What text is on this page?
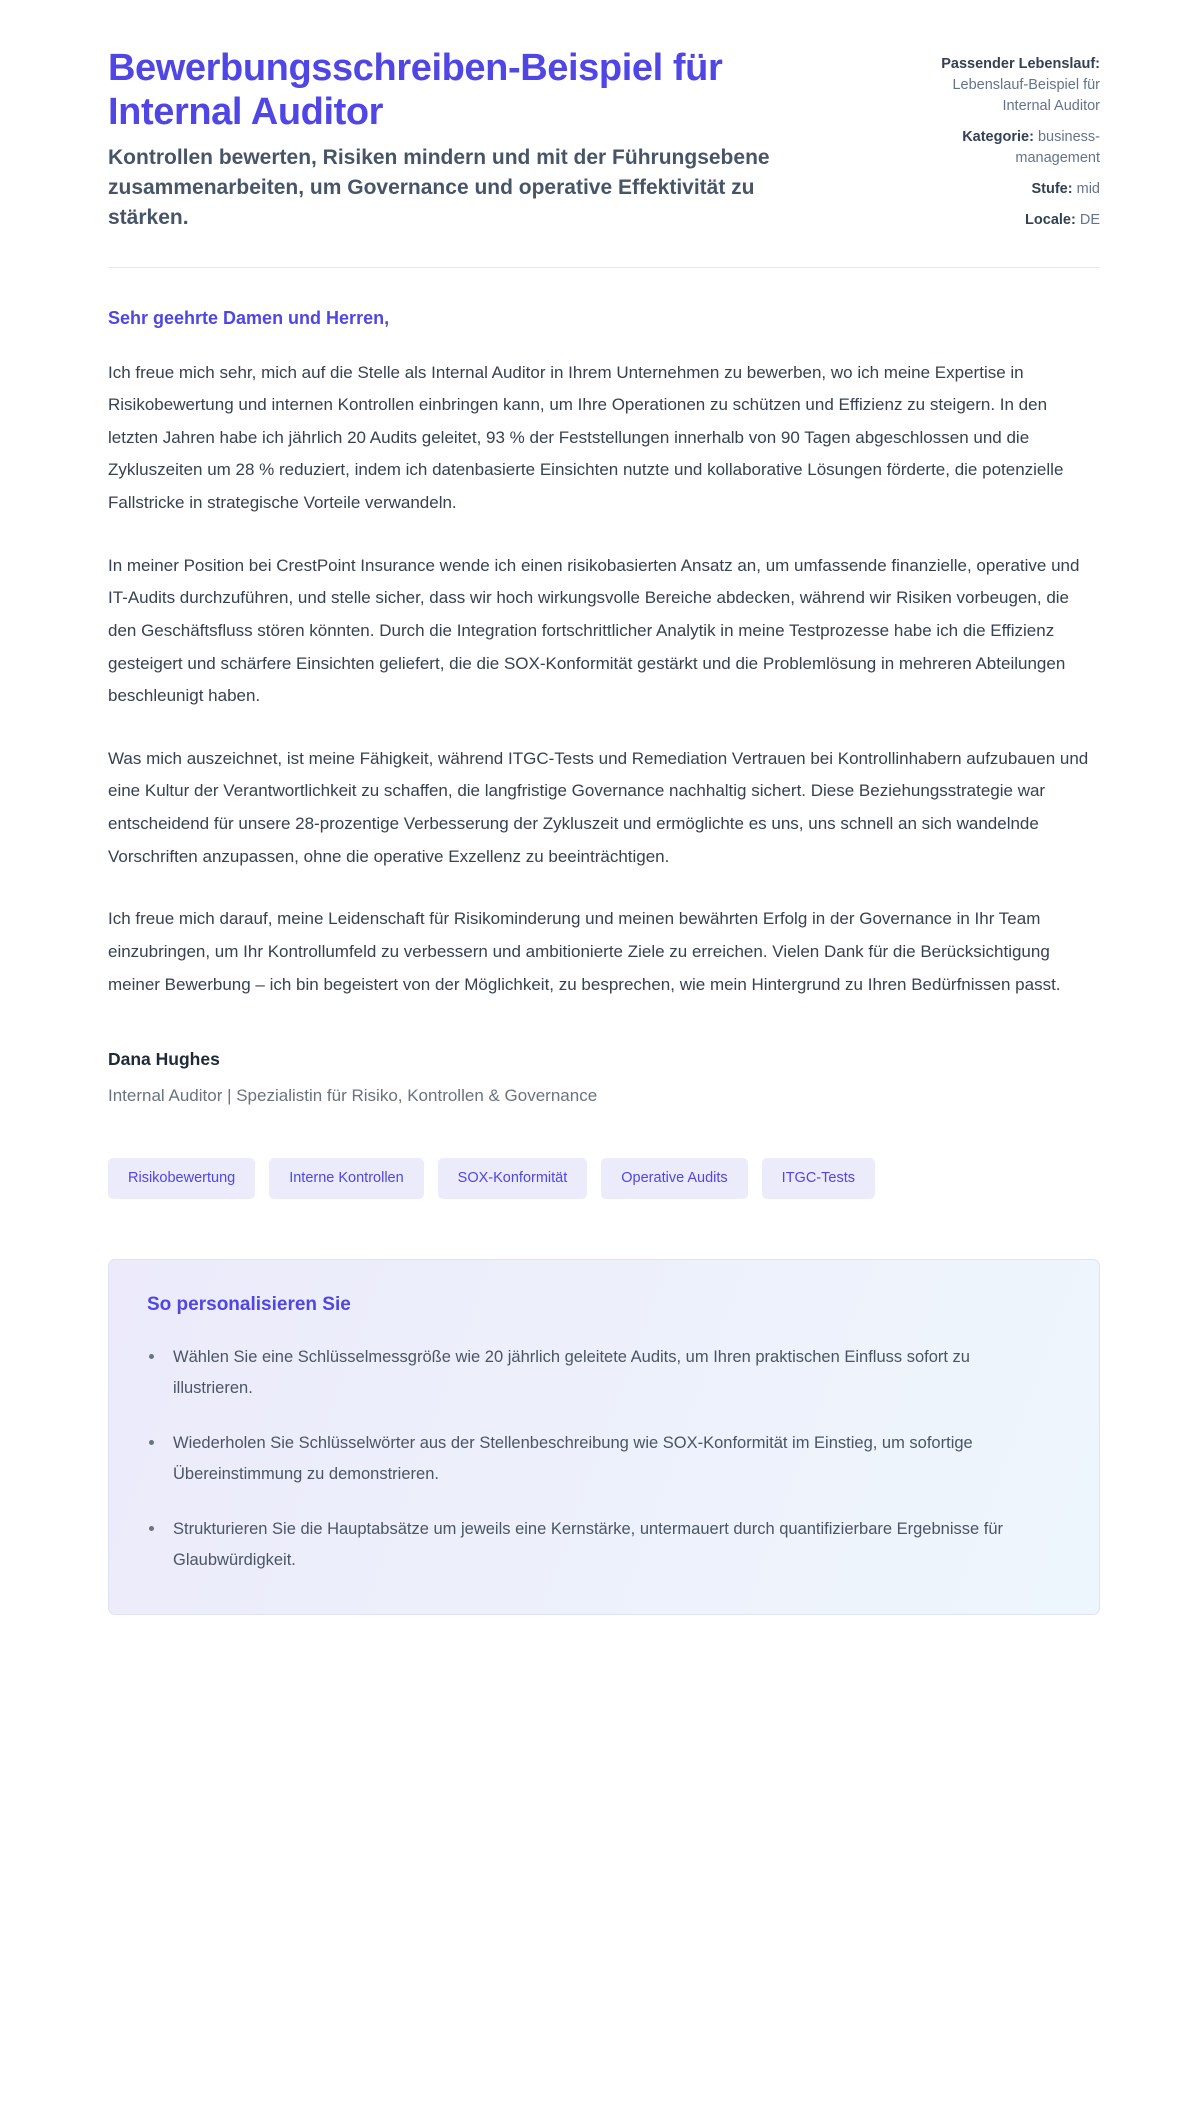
Bewerbungsschreiben-Beispiel für Internal Auditor

Kontrollen bewerten, Risiken mindern und mit der Führungsebene zusammenarbeiten, um Governance und operative Effektivität zu stärken.

Passender Lebenslauf:
Lebenslauf-Beispiel für Internal Auditor
Kategorie: business-management
Stufe: mid
Locale: DE

Sehr geehrte Damen und Herren,

Ich freue mich sehr, mich auf die Stelle als Internal Auditor in Ihrem Unternehmen zu bewerben, wo ich meine Expertise in Risikobewertung und internen Kontrollen einbringen kann, um Ihre Operationen zu schützen und Effizienz zu steigern. In den letzten Jahren habe ich jährlich 20 Audits geleitet, 93 % der Feststellungen innerhalb von 90 Tagen abgeschlossen und die Zykluszeiten um 28 % reduziert, indem ich datenbasierte Einsichten nutzte und kollaborative Lösungen förderte, die potenzielle Fallstricke in strategische Vorteile verwandeln.

In meiner Position bei CrestPoint Insurance wende ich einen risikobasierten Ansatz an, um umfassende finanzielle, operative und IT-Audits durchzuführen, und stelle sicher, dass wir hoch wirkungsvolle Bereiche abdecken, während wir Risiken vorbeugen, die den Geschäftsfluss stören könnten. Durch die Integration fortschrittlicher Analytik in meine Testprozesse habe ich die Effizienz gesteigert und schärfere Einsichten geliefert, die die SOX-Konformität gestärkt und die Problemlösung in mehreren Abteilungen beschleunigt haben.

Was mich auszeichnet, ist meine Fähigkeit, während ITGC-Tests und Remediation Vertrauen bei Kontrollinhabern aufzubauen und eine Kultur der Verantwortlichkeit zu schaffen, die langfristige Governance nachhaltig sichert. Diese Beziehungsstrategie war entscheidend für unsere 28-prozentige Verbesserung der Zykluszeit und ermöglichte es uns, uns schnell an sich wandelnde Vorschriften anzupassen, ohne die operative Exzellenz zu beeinträchtigen.

Ich freue mich darauf, meine Leidenschaft für Risikominderung und meinen bewährten Erfolg in der Governance in Ihr Team einzubringen, um Ihr Kontrollumfeld zu verbessern und ambitionierte Ziele zu erreichen. Vielen Dank für die Berücksichtigung meiner Bewerbung – ich bin begeistert von der Möglichkeit, zu besprechen, wie mein Hintergrund zu Ihren Bedürfnissen passt.

Dana Hughes

Internal Auditor | Spezialistin für Risiko, Kontrollen & Governance

Risikobewertung	Interne Kontrollen	SOX-Konformität	Operative Audits	ITGC-Tests

So personalisieren Sie

Wählen Sie eine Schlüsselmessgröße wie 20 jährlich geleitete Audits, um Ihren praktischen Einfluss sofort zu illustrieren.
Wiederholen Sie Schlüsselwörter aus der Stellenbeschreibung wie SOX-Konformität im Einstieg, um sofortige Übereinstimmung zu demonstrieren.
Strukturieren Sie die Hauptabsätze um jeweils eine Kernstärke, untermauert durch quantifizierbare Ergebnisse für Glaubwürdigkeit.
